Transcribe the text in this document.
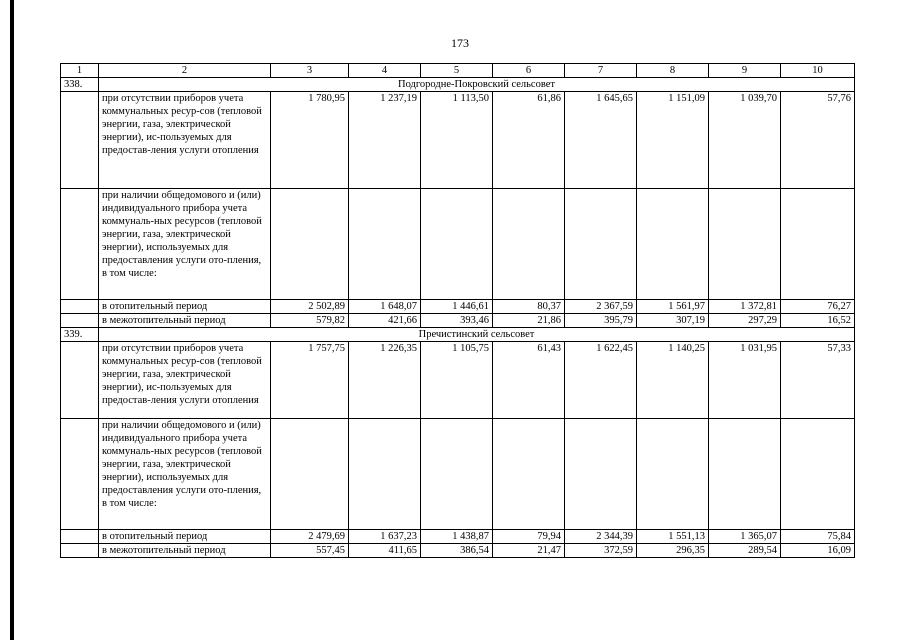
173
1	2	3	4	5	6	7	8	9	10
338.	Подгородне-Покровский сельсовет								
	при отсутствии приборов учета коммунальных ресур-сов (тепловой энергии, газа, электрической энергии), ис-пользуемых для предостав-ления услуги отопления	1 780,95	1 237,19	1 113,50	61,86	1 645,65	1 151,09	1 039,70	57,76
	при наличии общедомового и (или) индивидуального прибора учета коммуналь-ных ресурсов (тепловой энергии, газа, электрической энергии), используемых для предоставления услуги ото-пления, в том числе:								
	в отопительный период	2 502,89	1 648,07	1 446,61	80,37	2 367,59	1 561,97	1 372,81	76,27
	в межотопительный период	579,82	421,66	393,46	21,86	395,79	307,19	297,29	16,52
339.	Пречистинский сельсовет								
	при отсутствии приборов учета коммунальных ресур-сов (тепловой энергии, газа, электрической энергии), ис-пользуемых для предостав-ления услуги отопления	1 757,75	1 226,35	1 105,75	61,43	1 622,45	1 140,25	1 031,95	57,33
	при наличии общедомового и (или) индивидуального прибора учета коммуналь-ных ресурсов (тепловой энергии, газа, электрической энергии), используемых для предоставления услуги ото-пления, в том числе:								
	в отопительный период	2 479,69	1 637,23	1 438,87	79,94	2 344,39	1 551,13	1 365,07	75,84
	в межотопительный период	557,45	411,65	386,54	21,47	372,59	296,35	289,54	16,09
